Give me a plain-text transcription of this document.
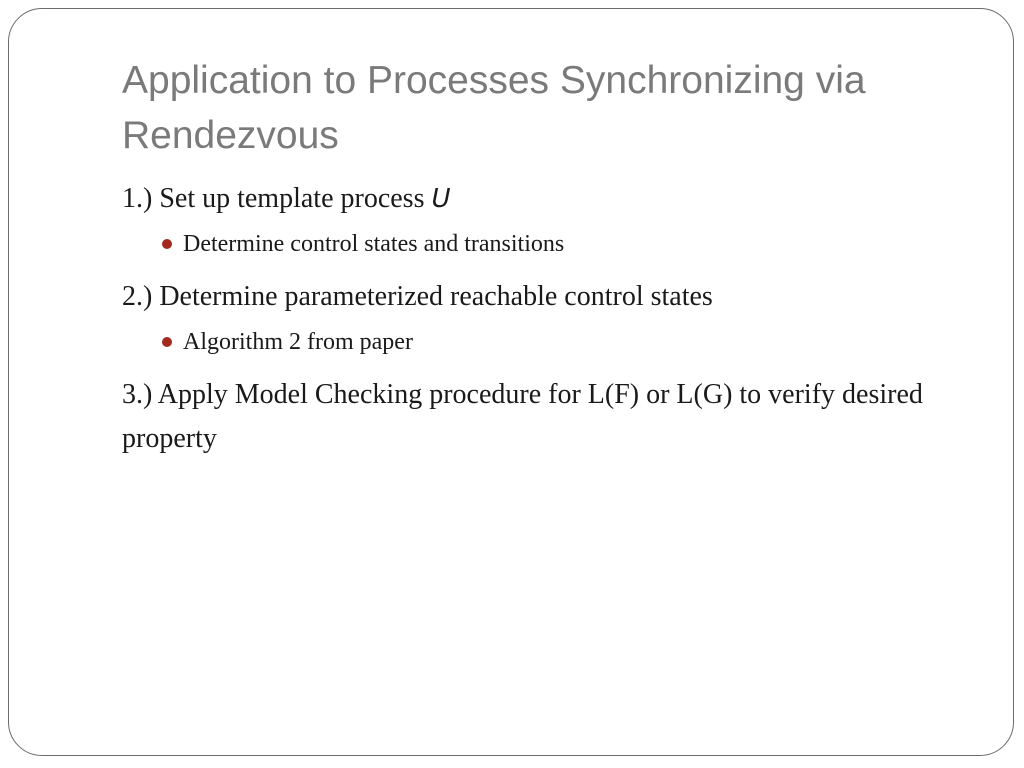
Application to Processes Synchronizing via Rendezvous

1.) Set up template process U

Determine control states and transitions

2.) Determine parameterized reachable control states

Algorithm 2 from paper

3.) Apply Model Checking procedure for L(F) or L(G) to verify desired property
